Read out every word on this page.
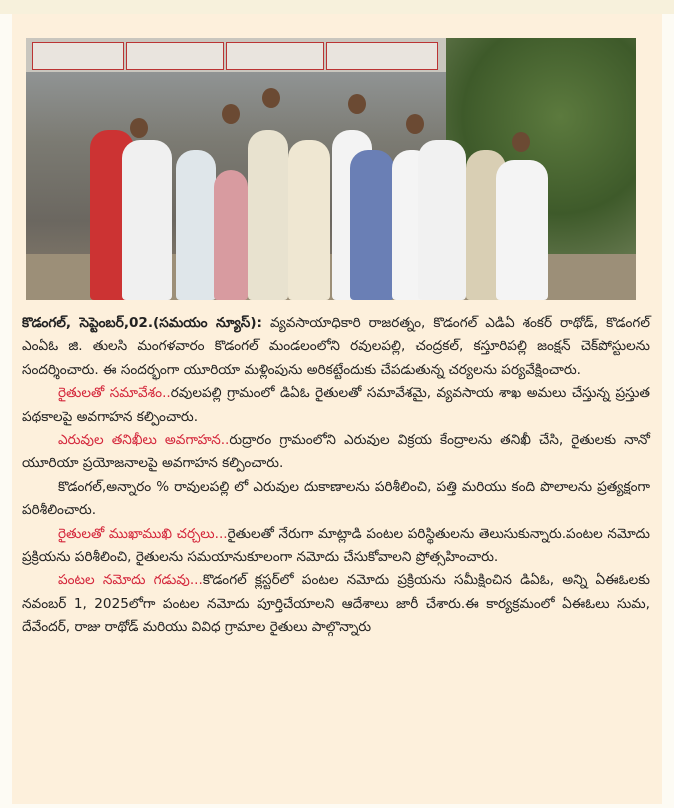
కొడంగల్, సెప్టెంబర్,02.(సమయం న్యూస్): వ్యవసాయాధికారి రాజరత్నం, కొడంగల్ ఎడిఏ శంకర్ రాథోడ్, కొడంగల్ ఎంఏఓ జి. తులసి మంగళవారం కొడంగల్ మండలంలోని రవులపల్లి, చంద్రకల్, కస్తూరిపల్లి జంక్షన్ చెక్‌పోస్టులను సందర్శించారు. ఈ సందర్భంగా యూరియా మళ్లింపును అరికట్టేందుకు చేపడుతున్న చర్యలను పర్యవేక్షించారు.

రైతులతో సమావేశం..రవులపల్లి గ్రామంలో డిఏఓ రైతులతో సమావేశమై, వ్యవసాయ శాఖ అమలు చేస్తున్న ప్రస్తుత పథకాలపై అవగాహన కల్పించారు.

ఎరువుల తనిఖీలు అవగాహన..రుద్రారం గ్రామంలోని ఎరువుల విక్రయ కేంద్రాలను తనిఖీ చేసి, రైతులకు నానో యూరియా ప్రయోజనాలపై అవగాహన కల్పించారు.

కొడంగల్,అన్నారం % రావులపల్లి లో ఎరువుల దుకాణాలను పరిశీలించి, పత్తి మరియు కంది పొలాలను ప్రత్యక్షంగా పరిశీలించారు.

రైతులతో ముఖాముఖి చర్చలు...రైతులతో నేరుగా మాట్లాడి పంటల పరిస్థితులను తెలుసుకున్నారు.పంటల నమోదు ప్రక్రియను పరిశీలించి, రైతులను సమయానుకూలంగా నమోదు చేసుకోవాలని ప్రోత్సహించారు.

పంటల నమోదు గడువు...కొడంగల్ క్లస్టర్‌లో పంటల నమోదు ప్రక్రియను సమీక్షించిన డిఏఓ, అన్ని ఏఈఓలకు నవంబర్ 1, 2025లోగా పంటల నమోదు పూర్తిచేయాలని ఆదేశాలు జారీ చేశారు.ఈ కార్యక్రమంలో ఏఈఓలు సుమ, దేవేందర్, రాజు రాథోడ్ మరియు వివిధ గ్రామాల రైతులు పాల్గొన్నారు
